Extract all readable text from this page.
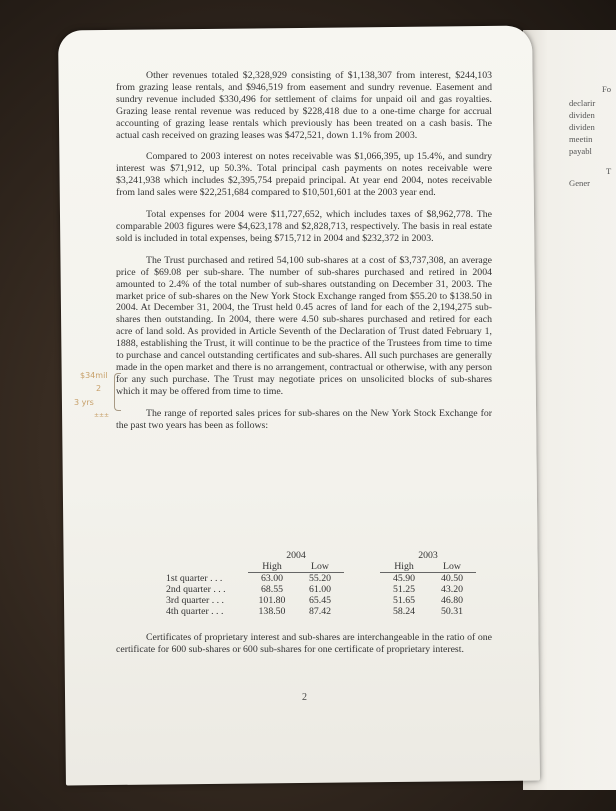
Fo
declarir
dividen
dividen
meetin
payabl
T
Gener

Other revenues totaled $2,328,929 consisting of $1,138,307 from interest, $244,103 from grazing lease rentals, and $946,519 from easement and sundry revenue. Easement and sundry revenue included $330,496 for settlement of claims for unpaid oil and gas royalties. Grazing lease rental revenue was reduced by $228,418 due to a one-time charge for accrual accounting of grazing lease rentals which previously has been treated on a cash basis. The actual cash received on grazing leases was $472,521, down 1.1% from 2003.

Compared to 2003 interest on notes receivable was $1,066,395, up 15.4%, and sundry interest was $71,912, up 50.3%. Total principal cash payments on notes receivable were $3,241,938 which includes $2,395,754 prepaid principal. At year end 2004, notes receivable from land sales were $22,251,684 compared to $10,501,601 at the 2003 year end.

Total expenses for 2004 were $11,727,652, which includes taxes of $8,962,778. The comparable 2003 figures were $4,623,178 and $2,828,713, respectively. The basis in real estate sold is included in total expenses, being $715,712 in 2004 and $232,372 in 2003.

The Trust purchased and retired 54,100 sub-shares at a cost of $3,737,308, an average price of $69.08 per sub-share. The number of sub-shares purchased and retired in 2004 amounted to 2.4% of the total number of sub-shares outstanding on December 31, 2003. The market price of sub-shares on the New York Stock Exchange ranged from $55.20 to $138.50 in 2004. At December 31, 2004, the Trust held 0.45 acres of land for each of the 2,194,275 sub-shares then outstanding. In 2004, there were 4.50 sub-shares purchased and retired for each acre of land sold. As provided in Article Seventh of the Declaration of Trust dated February 1, 1888, establishing the Trust, it will continue to be the practice of the Trustees from time to time to purchase and cancel outstanding certificates and sub-shares. All such purchases are generally made in the open market and there is no arrangement, contractual or otherwise, with any person for any such purchase. The Trust may negotiate prices on unsolicited blocks of sub-shares which it may be offered from time to time.

The range of reported sales prices for sub-shares on the New York Stock Exchange for the past two years has been as follows:

$34mil
2
3 yrs
±±±
	2004			2003	
	High	Low		High	Low
1st quarter . . .	63.00	55.20		45.90	40.50
2nd quarter . . .	68.55	61.00		51.25	43.20
3rd quarter . . .	101.80	65.45		51.65	46.80
4th quarter . . .	138.50	87.42		58.24	50.31

Certificates of proprietary interest and sub-shares are interchangeable in the ratio of one certificate for 600 sub-shares or 600 sub-shares for one certificate of proprietary interest.

2
